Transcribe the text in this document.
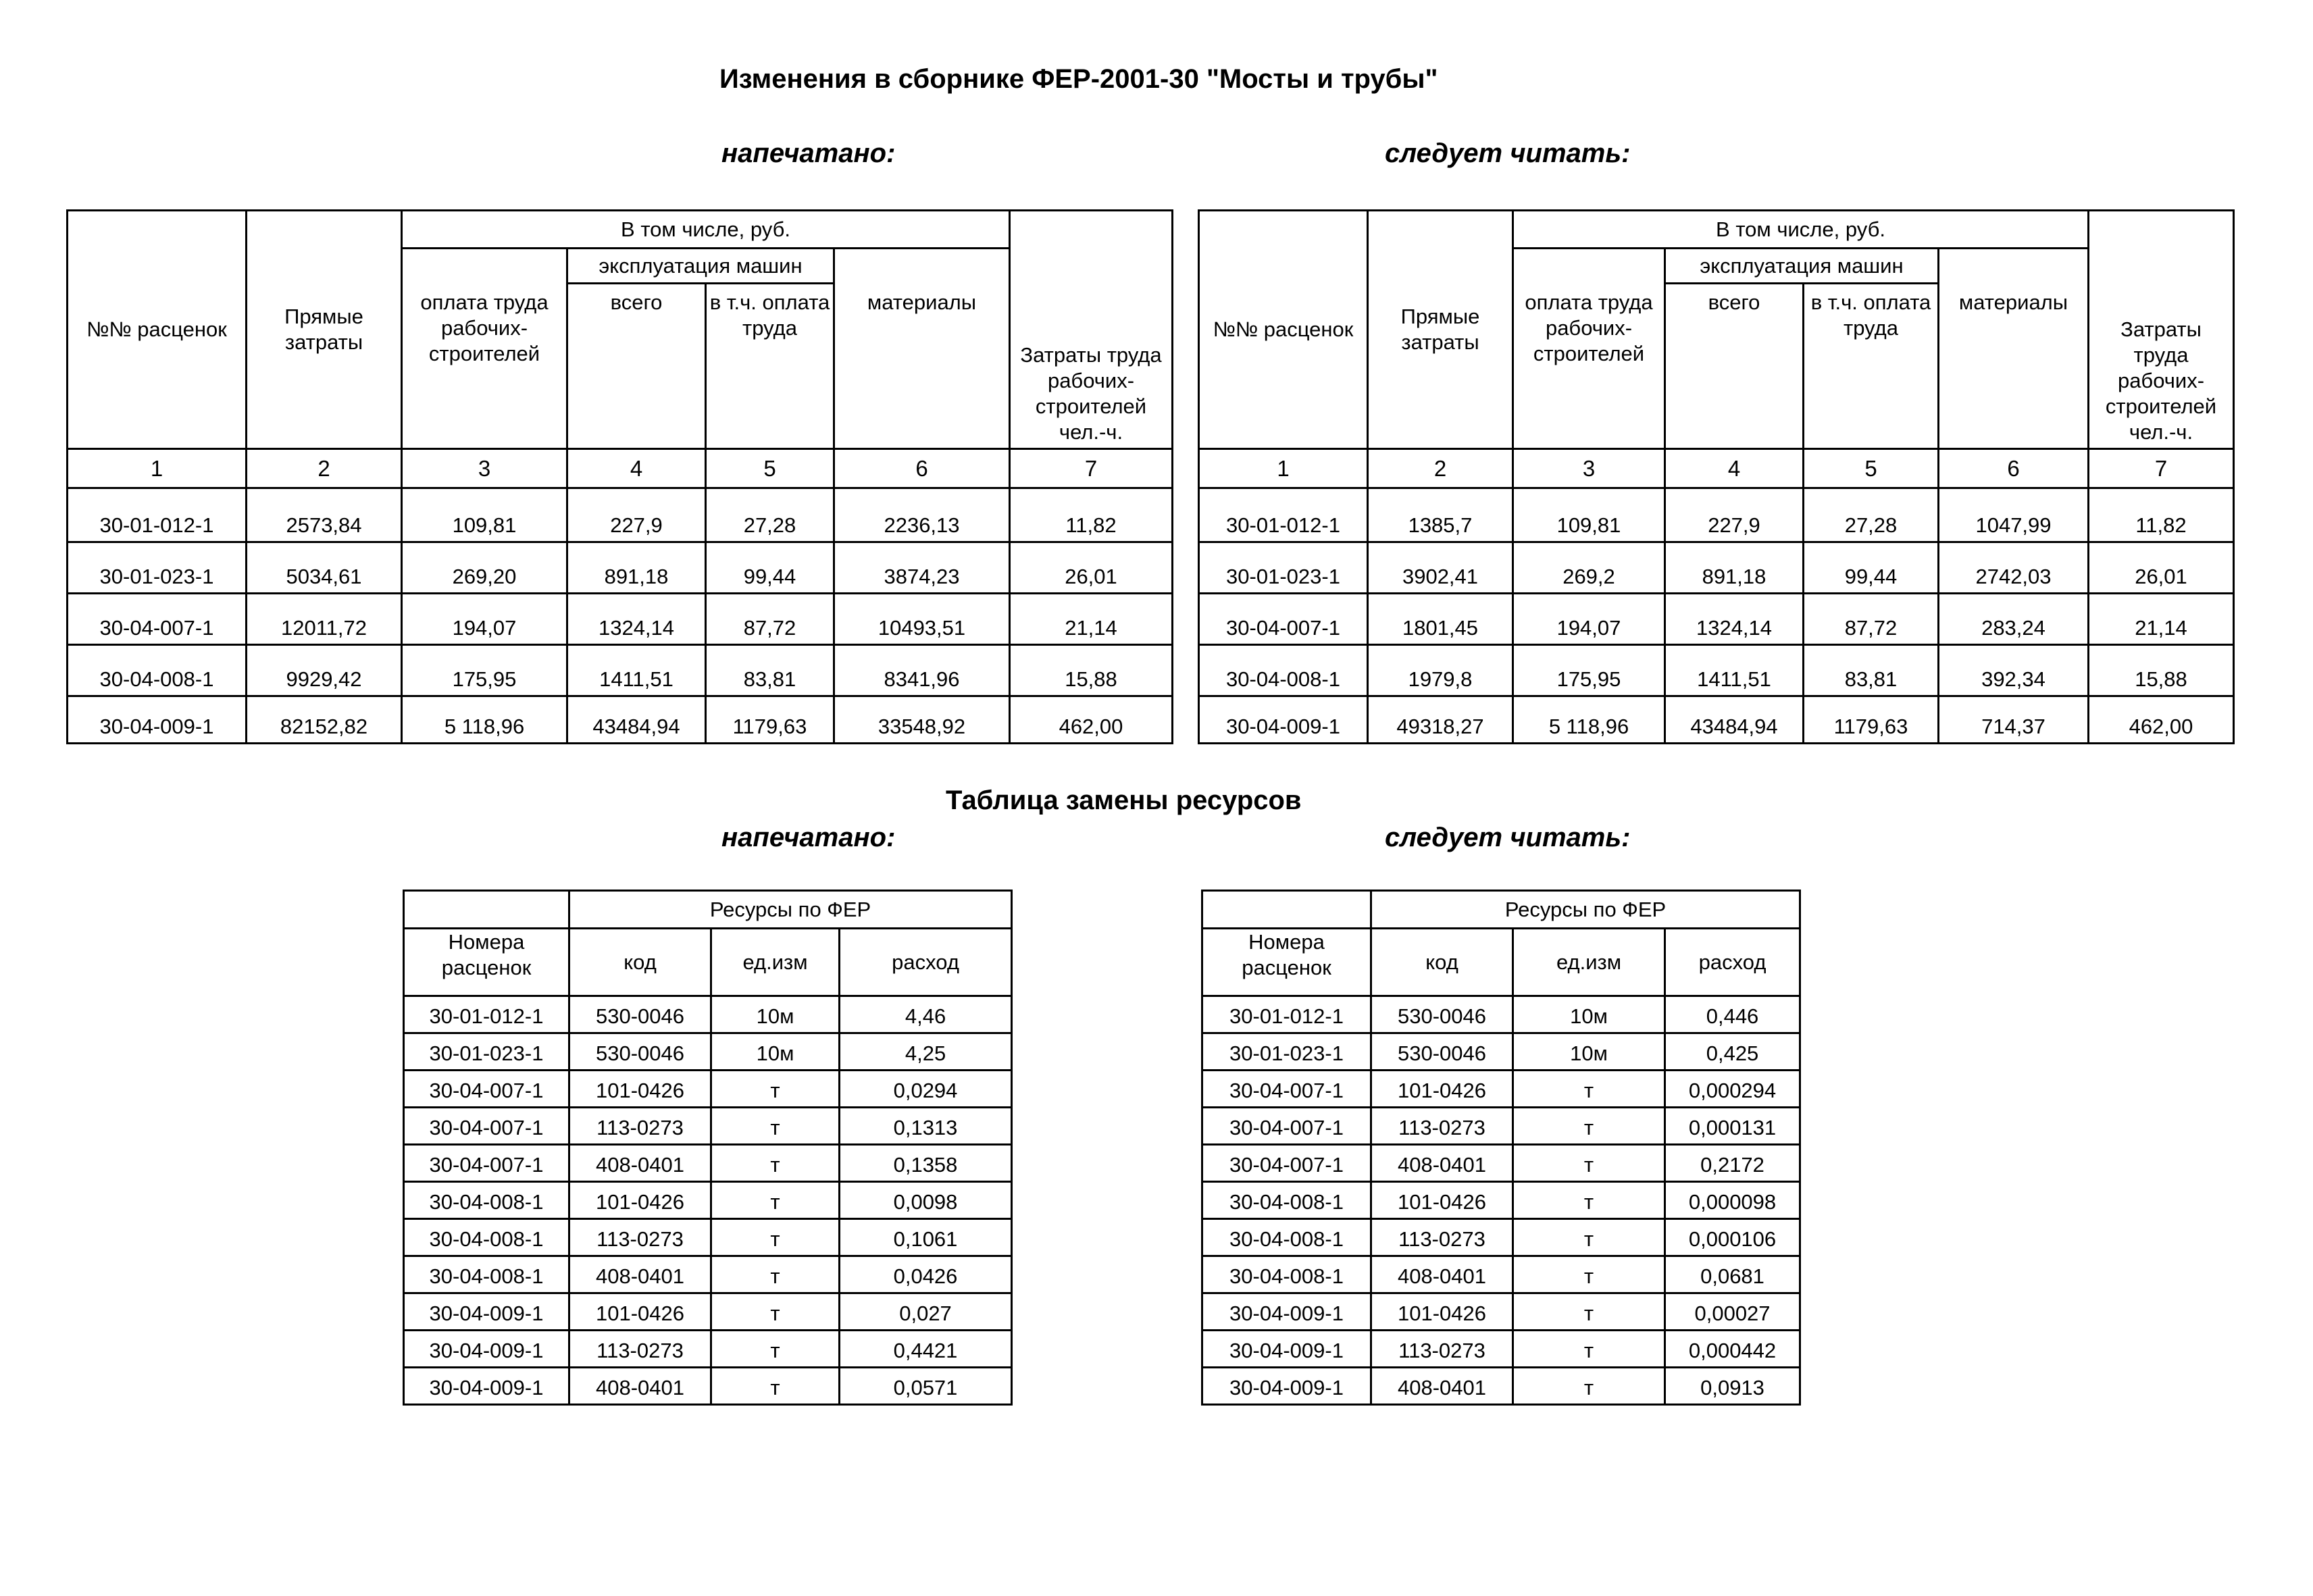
Изменения в сборнике ФЕР-2001-30 "Мосты и трубы"
напечатано:	следует читать:
№№ расценок	Прямые затраты	В том числе, руб.				Затраты труда рабочих-строителей чел.-ч.
		оплата труда рабочих-строителей	эксплуатация машин		материалы	
			всего	в т.ч. оплата труда		
1	2	3	4	5	6	7
30-01-012-1	2573,84	109,81	227,9	27,28	2236,13	11,82
30-01-023-1	5034,61	269,20	891,18	99,44	3874,23	26,01
30-04-007-1	12011,72	194,07	1324,14	87,72	10493,51	21,14
30-04-008-1	9929,42	175,95	1411,51	83,81	8341,96	15,88
30-04-009-1	82152,82	5 118,96	43484,94	1179,63	33548,92	462,00
№№ расценок	Прямые затраты	В том числе, руб.				Затраты труда рабочих-строителей чел.-ч.
		оплата труда рабочих-строителей	эксплуатация машин		материалы	
			всего	в т.ч. оплата труда		
1	2	3	4	5	6	7
30-01-012-1	1385,7	109,81	227,9	27,28	1047,99	11,82
30-01-023-1	3902,41	269,2	891,18	99,44	2742,03	26,01
30-04-007-1	1801,45	194,07	1324,14	87,72	283,24	21,14
30-04-008-1	1979,8	175,95	1411,51	83,81	392,34	15,88
30-04-009-1	49318,27	5 118,96	43484,94	1179,63	714,37	462,00
Таблица замены ресурсов
напечатано:	следует читать:
	Ресурсы по ФЕР		
Номера расценок	код	ед.изм	расход
30-01-012-1	530-0046	10м	4,46
30-01-023-1	530-0046	10м	4,25
30-04-007-1	101-0426	т	0,0294
30-04-007-1	113-0273	т	0,1313
30-04-007-1	408-0401	т	0,1358
30-04-008-1	101-0426	т	0,0098
30-04-008-1	113-0273	т	0,1061
30-04-008-1	408-0401	т	0,0426
30-04-009-1	101-0426	т	0,027
30-04-009-1	113-0273	т	0,4421
30-04-009-1	408-0401	т	0,0571
	Ресурсы по ФЕР		
Номера расценок	код	ед.изм	расход
30-01-012-1	530-0046	10м	0,446
30-01-023-1	530-0046	10м	0,425
30-04-007-1	101-0426	т	0,000294
30-04-007-1	113-0273	т	0,000131
30-04-007-1	408-0401	т	0,2172
30-04-008-1	101-0426	т	0,000098
30-04-008-1	113-0273	т	0,000106
30-04-008-1	408-0401	т	0,0681
30-04-009-1	101-0426	т	0,00027
30-04-009-1	113-0273	т	0,000442
30-04-009-1	408-0401	т	0,0913
